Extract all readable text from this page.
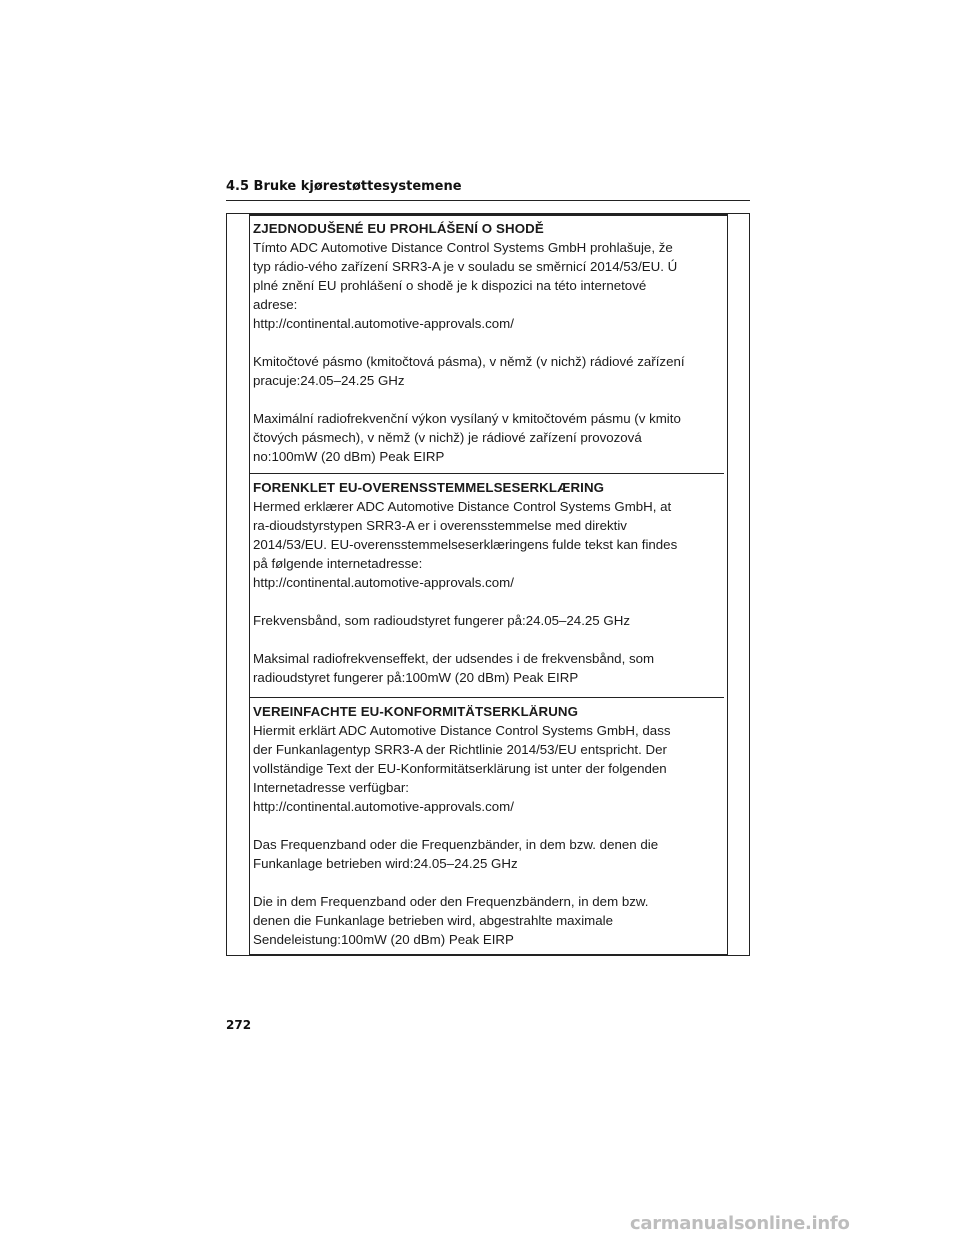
4.5 Bruke kjørestøttesystemene

ZJEDNODUŠENÉ EU PROHLÁŠENÍ O SHODĚ

Tímto ADC Automotive Distance Control Systems GmbH prohlašuje, že

typ rádio-vého zařízení SRR3-A je v souladu se směrnicí 2014/53/EU. Ú

plné znění EU prohlášení o shodě je k dispozici na této internetové

adrese:

http://continental.automotive-approvals.com/

Kmitočtové pásmo (kmitočtová pásma), v němž (v nichž) rádiové zařízení

pracuje:24.05–24.25 GHz

Maximální radiofrekvenční výkon vysílaný v kmitočtovém pásmu (v kmito

čtových pásmech), v němž (v nichž) je rádiové zařízení provozová

no:100mW (20 dBm) Peak EIRP

FORENKLET EU-OVERENSSTEMMELSESERKLÆRING

Hermed erklærer ADC Automotive Distance Control Systems GmbH, at

ra-dioudstyrstypen SRR3-A er i overensstemmelse med direktiv

2014/53/EU. EU-overensstemmelseserklæringens fulde tekst kan findes

på følgende internetadresse:

http://continental.automotive-approvals.com/

Frekvensbånd, som radioudstyret fungerer på:24.05–24.25 GHz

Maksimal radiofrekvenseffekt, der udsendes i de frekvensbånd, som

radioudstyret fungerer på:100mW (20 dBm) Peak EIRP

VEREINFACHTE EU-KONFORMITÄTSERKLÄRUNG

Hiermit erklärt ADC Automotive Distance Control Systems GmbH, dass

der Funkanlagentyp SRR3-A der Richtlinie 2014/53/EU entspricht. Der

vollständige Text der EU-Konformitätserklärung ist unter der folgenden

Internetadresse verfügbar:

http://continental.automotive-approvals.com/

Das Frequenzband oder die Frequenzbänder, in dem bzw. denen die

Funkanlage betrieben wird:24.05–24.25 GHz

Die in dem Frequenzband oder den Frequenzbändern, in dem bzw.

denen die Funkanlage betrieben wird, abgestrahlte maximale

Sendeleistung:100mW (20 dBm) Peak EIRP

272
carmanualsonline.info
